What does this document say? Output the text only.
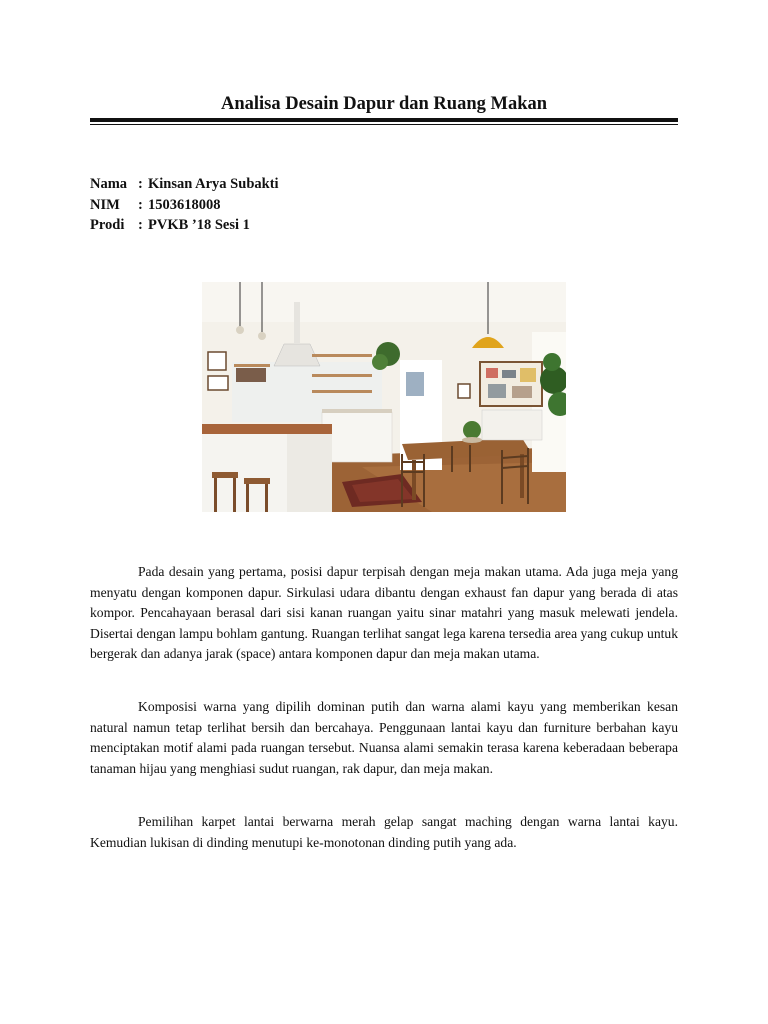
Analisa Desain Dapur dan Ruang Makan
Nama : Kinsan Arya Subakti
NIM	: 1503618008
Prodi : PVKB ’18 Sesi 1

Pada desain yang pertama, posisi dapur terpisah dengan meja makan utama. Ada juga meja yang menyatu dengan komponen dapur. Sirkulasi udara dibantu dengan exhaust fan dapur yang berada di atas kompor. Pencahayaan berasal dari sisi kanan ruangan yaitu sinar matahri yang masuk melewati jendela. Disertai dengan lampu bohlam gantung. Ruangan terlihat sangat lega karena tersedia area yang cukup untuk bergerak dan adanya jarak (space) antara komponen dapur dan meja makan utama.

Komposisi warna yang dipilih dominan putih dan warna alami kayu yang memberikan kesan natural namun tetap terlihat bersih dan bercahaya. Penggunaan lantai kayu dan furniture berbahan kayu menciptakan motif alami pada ruangan tersebut. Nuansa alami semakin terasa karena keberadaan beberapa tanaman hijau yang menghiasi sudut ruangan, rak dapur, dan meja makan.

Pemilihan karpet lantai berwarna merah gelap sangat maching dengan warna lantai kayu. Kemudian lukisan di dinding menutupi ke-monotonan dinding putih yang ada.
